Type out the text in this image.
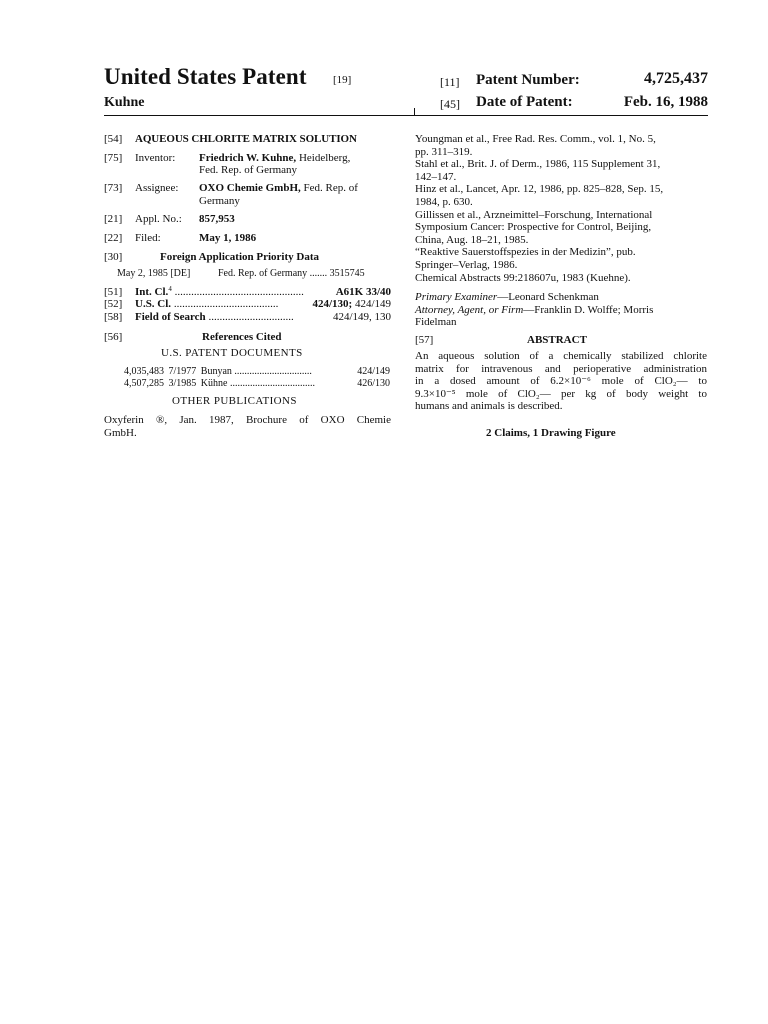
United States Patent [19]
Kuhne
[11] Patent Number:	4,725,437
[45] Date of Patent:	Feb. 16, 1988
[54] AQUEOUS CHLORITE MATRIX SOLUTION
[75] Inventor: Friedrich W. Kuhne, Heidelberg,
Fed. Rep. of Germany
[73] Assignee: OXO Chemie GmbH, Fed. Rep. of
Germany
[21] Appl. No.: 857,953
[22] Filed:	May 1, 1986
[30]	Foreign Application Priority Data
May 2, 1985 [DE]	Fed. Rep. of Germany ....... 3515745
[51] Int. Cl.$^4$ ...............................................	A61K 33/40
[52] U.S. Cl. ......................................	424/130; 424/149
[58] Field of Search ...............................	424/149, 130
[56]	References Cited
U.S. PATENT DOCUMENTS
4,035,483 7/1977 Bunyan ...............................	424/149
4,507,285 3/1985 Kühne ..................................	426/130
OTHER PUBLICATIONS
Oxyferin ®, Jan. 1987, Brochure of OXO Chemie
GmbH.
Youngman et al., Free Rad. Res. Comm., vol. 1, No. 5,
pp. 311–319.
Stahl et al., Brit. J. of Derm., 1986, 115 Supplement 31,
142–147.
Hinz et al., Lancet, Apr. 12, 1986, pp. 825–828, Sep. 15,
1984, p. 630.
Gillissen et al., Arzneimittel–Forschung, International
Symposium Cancer: Prospective for Control, Beijing,
China, Aug. 18–21, 1985.
“Reaktive Sauerstoffspezies in der Medizin”, pub.
Springer–Verlag, 1986.
Chemical Abstracts 99:218607u, 1983 (Kuehne).
Primary Examiner—Leonard Schenkman
Attorney, Agent, or Firm—Franklin D. Wolffe; Morris
Fidelman
[57]	ABSTRACT
An aqueous solution of a chemically stabilized chlorite
matrix for intravenous and perioperative administration
in a dosed amount of 6.2×10⁻⁶ mole of ClO₂— to
9.3×10⁻⁵ mole of ClO₂— per kg of body weight to
humans and animals is described.
2 Claims, 1 Drawing Figure
